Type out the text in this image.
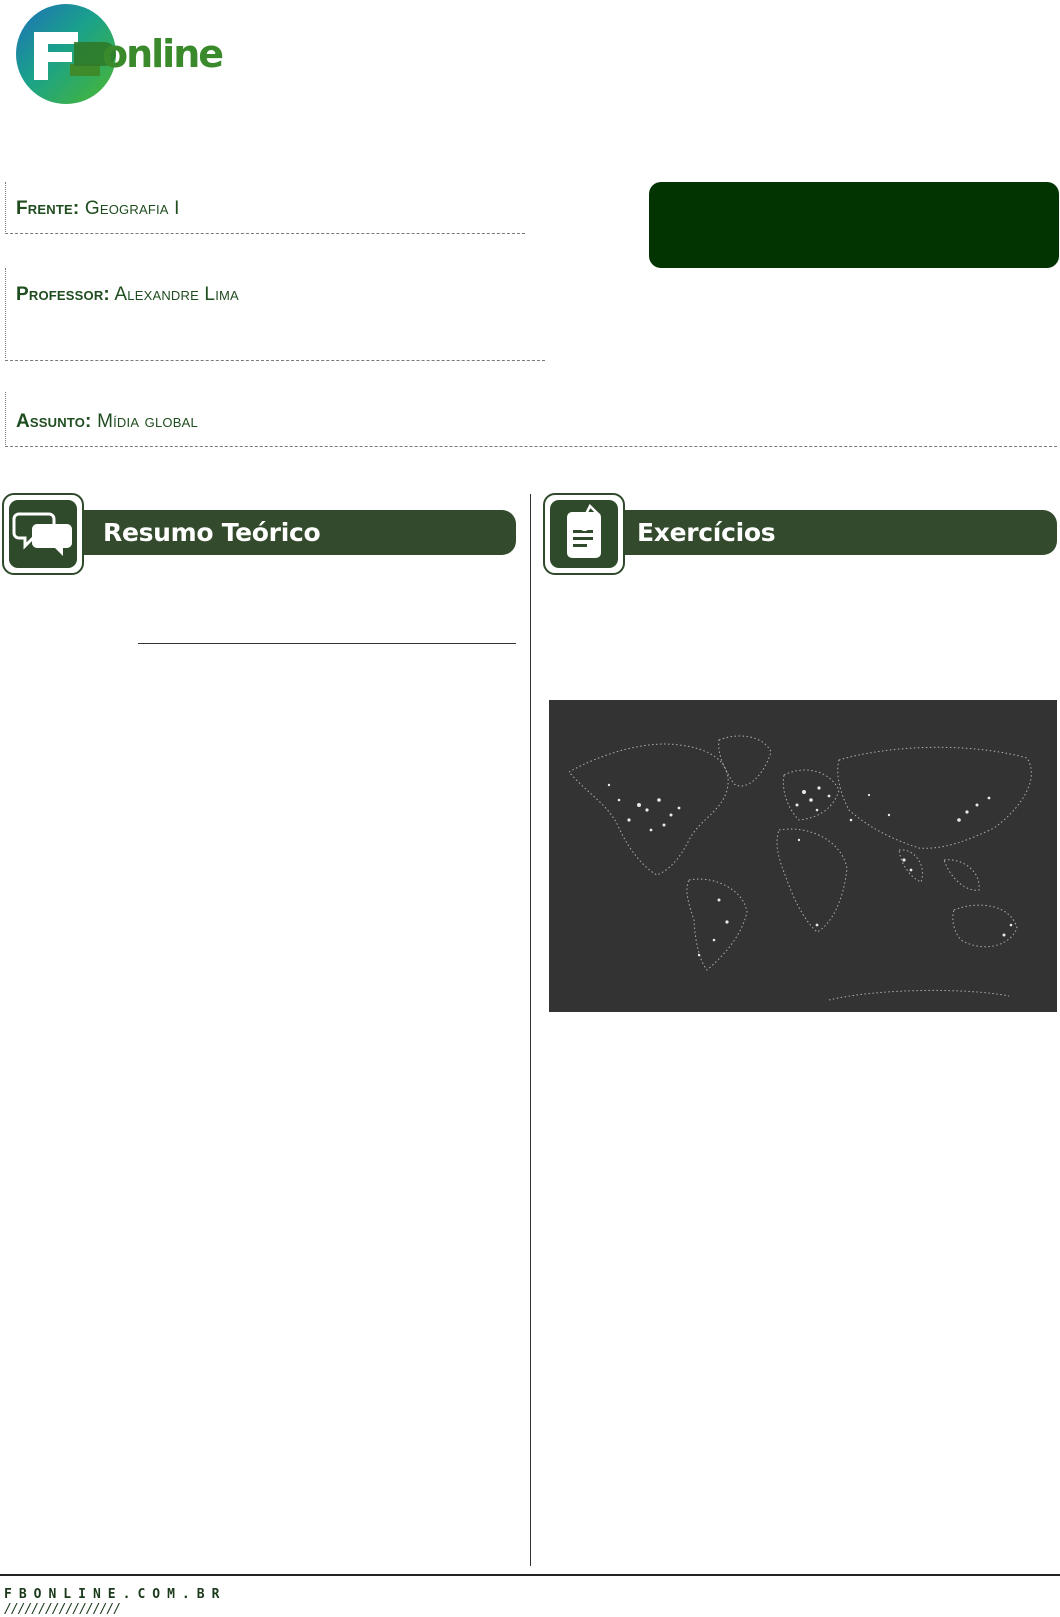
online
Frente: Geografia I
Professor: Alexandre Lima
Assunto: Mídia global
Resumo Teórico	Exercícios
FBONLINE.COM.BR
/////////////////
